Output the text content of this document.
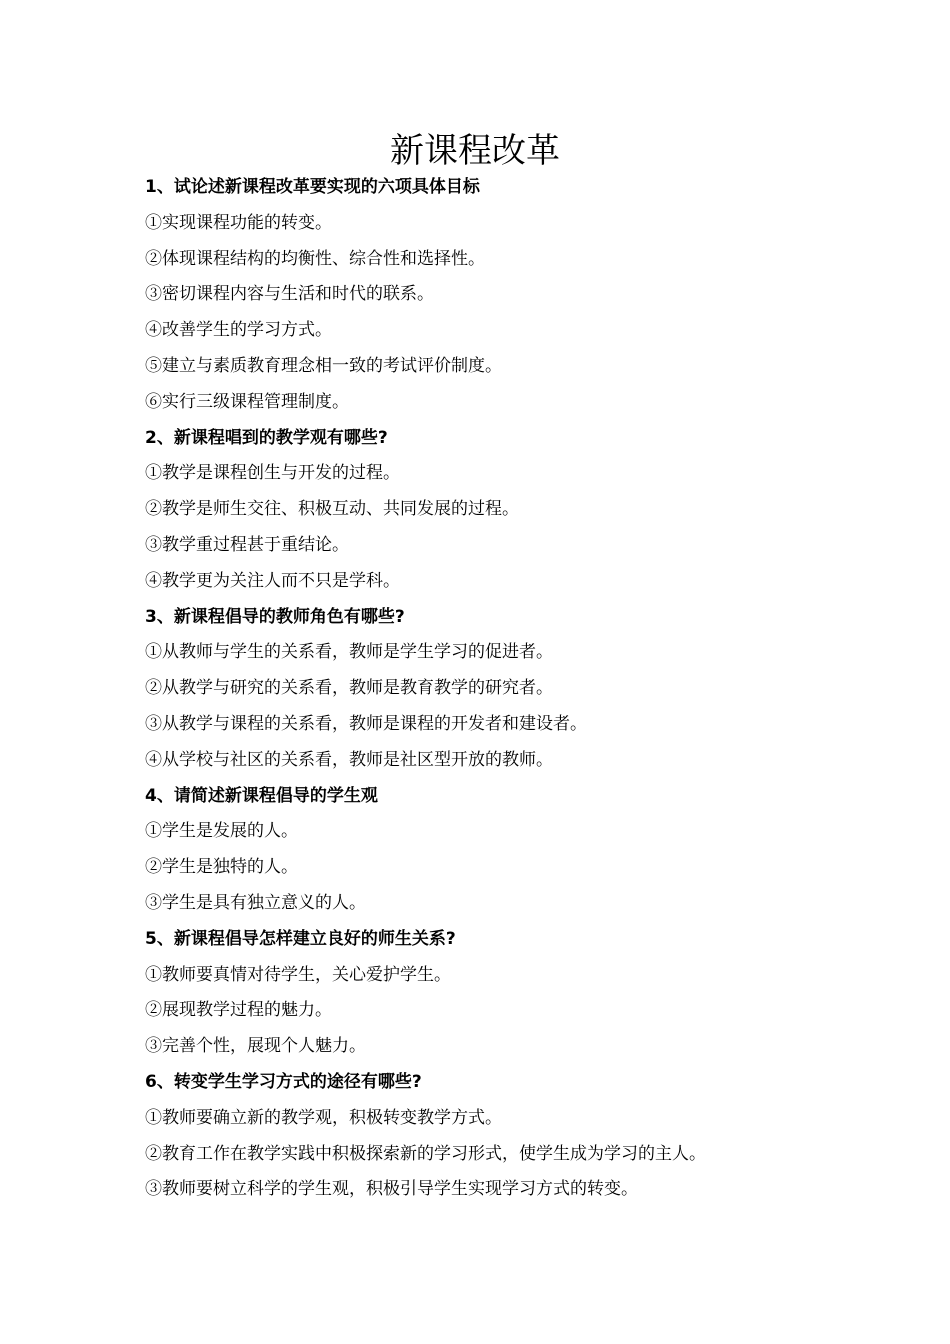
新课程改革
1、试论述新课程改革要实现的六项具体目标
①实现课程功能的转变。
②体现课程结构的均衡性、综合性和选择性。
③密切课程内容与生活和时代的联系。
④改善学生的学习方式。
⑤建立与素质教育理念相一致的考试评价制度。
⑥实行三级课程管理制度。
2、新课程唱到的教学观有哪些?
①教学是课程创生与开发的过程。
②教学是师生交往、积极互动、共同发展的过程。
③教学重过程甚于重结论。
④教学更为关注人而不只是学科。
3、新课程倡导的教师角色有哪些?
①从教师与学生的关系看，教师是学生学习的促进者。
②从教学与研究的关系看，教师是教育教学的研究者。
③从教学与课程的关系看，教师是课程的开发者和建设者。
④从学校与社区的关系看，教师是社区型开放的教师。
4、请简述新课程倡导的学生观
①学生是发展的人。
②学生是独特的人。
③学生是具有独立意义的人。
5、新课程倡导怎样建立良好的师生关系?
①教师要真情对待学生，关心爱护学生。
②展现教学过程的魅力。
③完善个性，展现个人魅力。
6、转变学生学习方式的途径有哪些?
①教师要确立新的教学观，积极转变教学方式。
②教育工作在教学实践中积极探索新的学习形式，使学生成为学习的主人。
③教师要树立科学的学生观，积极引导学生实现学习方式的转变。
